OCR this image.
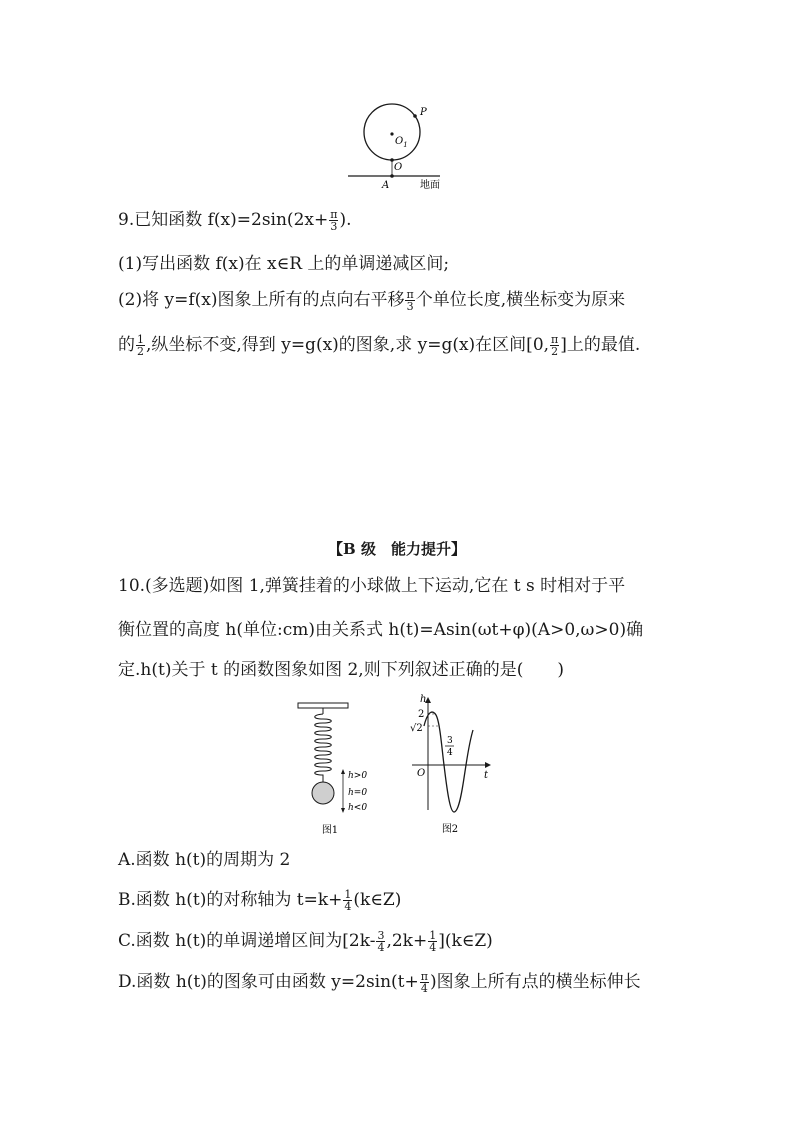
P
$O_1$
O
A	地面
9.已知函数 $f(x)=2\sin(2x+ \frac{\pi}{3}$ ).
(1)写出函数 f(x)在 x∈R 上的单调递减区间;
(2)将 y=f(x)图象上所有的点向右平移 $\frac{\pi}{3}$ 个单位长度,横坐标变为原来
的 $\frac{1}{2}$ ,纵坐标不变,得到 y=g(x)的图象,求 y=g(x)在区间[0, $\frac{\pi}{2}$ ]上的最值.
【B 级　能力提升】
10.(多选题)如图 1,弹簧挂着的小球做上下运动,它在 t s 时相对于平
衡位置的高度 h(单位:cm)由关系式 h(t)=Asin(ωt+φ)(A>0,ω>0)确
定.h(t)关于 t 的函数图象如图 2,则下列叙述正确的是(　　)
h>0
h=0
h<0
图1
h
t
O
2
√2
3
4
图2
A.函数 h(t)的周期为 2
B.函数 h(t)的对称轴为 $t=k+ \frac{1}{4}$ (k∈Z)
C.函数 h(t)的单调递增区间为[$2k- \frac{3}{4} ,2k+ \frac{1}{4}$ ](k∈Z)
D.函数 h(t)的图象可由函数 $y=2\sin(t+ \frac{\pi}{4}$ )图象上所有点的横坐标伸长
